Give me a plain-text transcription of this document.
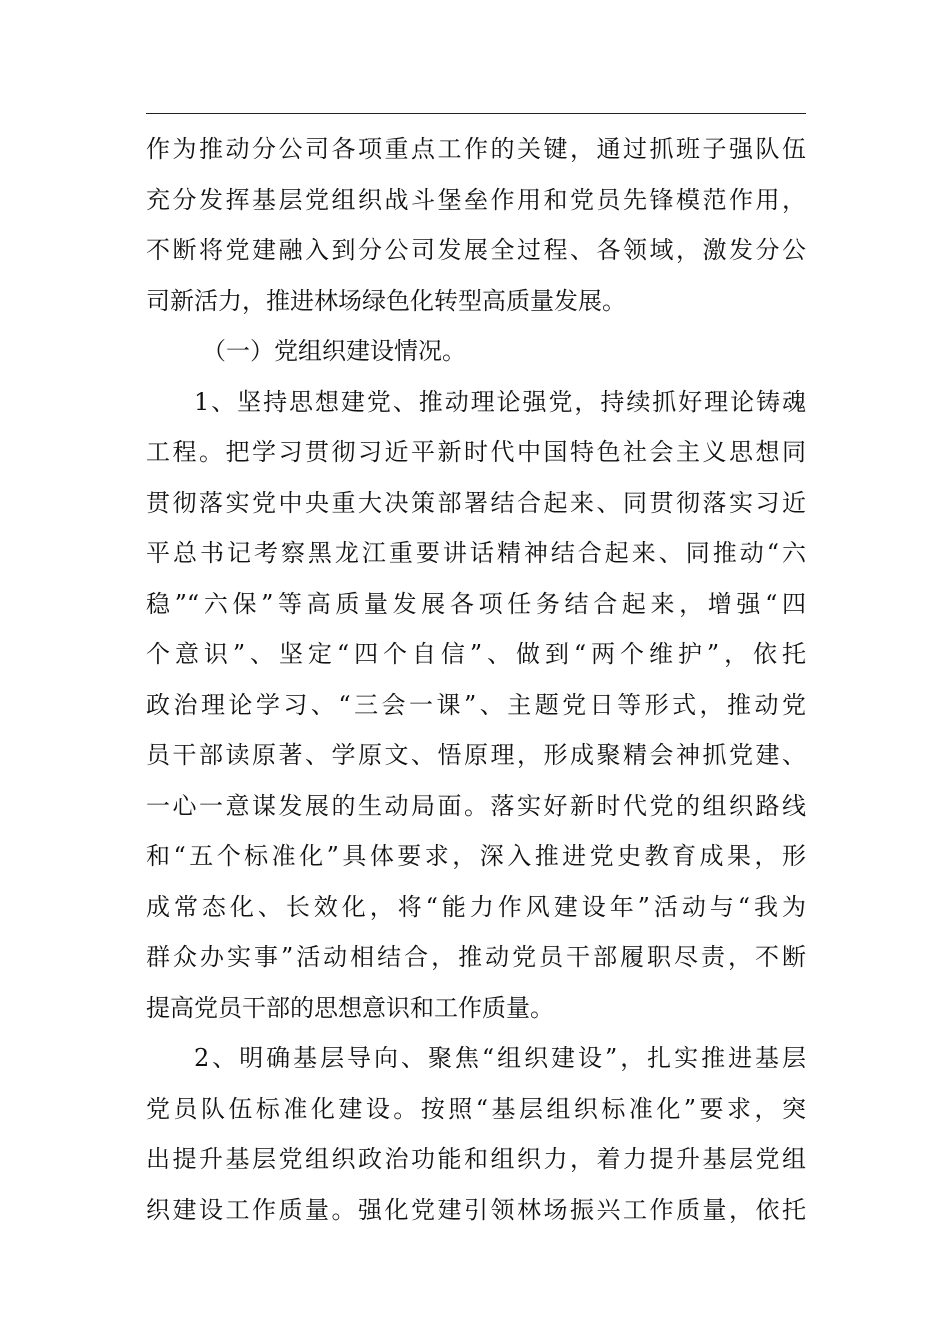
作为推动分公司各项重点工作的关键，通过抓班子强队伍
充分发挥基层党组织战斗堡垒作用和党员先锋模范作用，
不断将党建融入到分公司发展全过程、各领域，激发分公
司新活力，推进林场绿色化转型高质量发展。
（一）党组织建设情况。
1、坚持思想建党、推动理论强党，持续抓好理论铸魂
工程。把学习贯彻习近平新时代中国特色社会主义思想同
贯彻落实党中央重大决策部署结合起来、同贯彻落实习近
平总书记考察黑龙江重要讲话精神结合起来、同推动“六
稳”“六保”等高质量发展各项任务结合起来，增强“四
个意识”、坚定“四个自信”、做到“两个维护”，依托
政治理论学习、“三会一课”、主题党日等形式，推动党
员干部读原著、学原文、悟原理，形成聚精会神抓党建、
一心一意谋发展的生动局面。落实好新时代党的组织路线
和“五个标准化”具体要求，深入推进党史教育成果，形
成常态化、长效化，将“能力作风建设年”活动与“我为
群众办实事”活动相结合，推动党员干部履职尽责，不断
提高党员干部的思想意识和工作质量。
2、明确基层导向、聚焦“组织建设”，扎实推进基层
党员队伍标准化建设。按照“基层组织标准化”要求，突
出提升基层党组织政治功能和组织力，着力提升基层党组
织建设工作质量。强化党建引领林场振兴工作质量，依托
